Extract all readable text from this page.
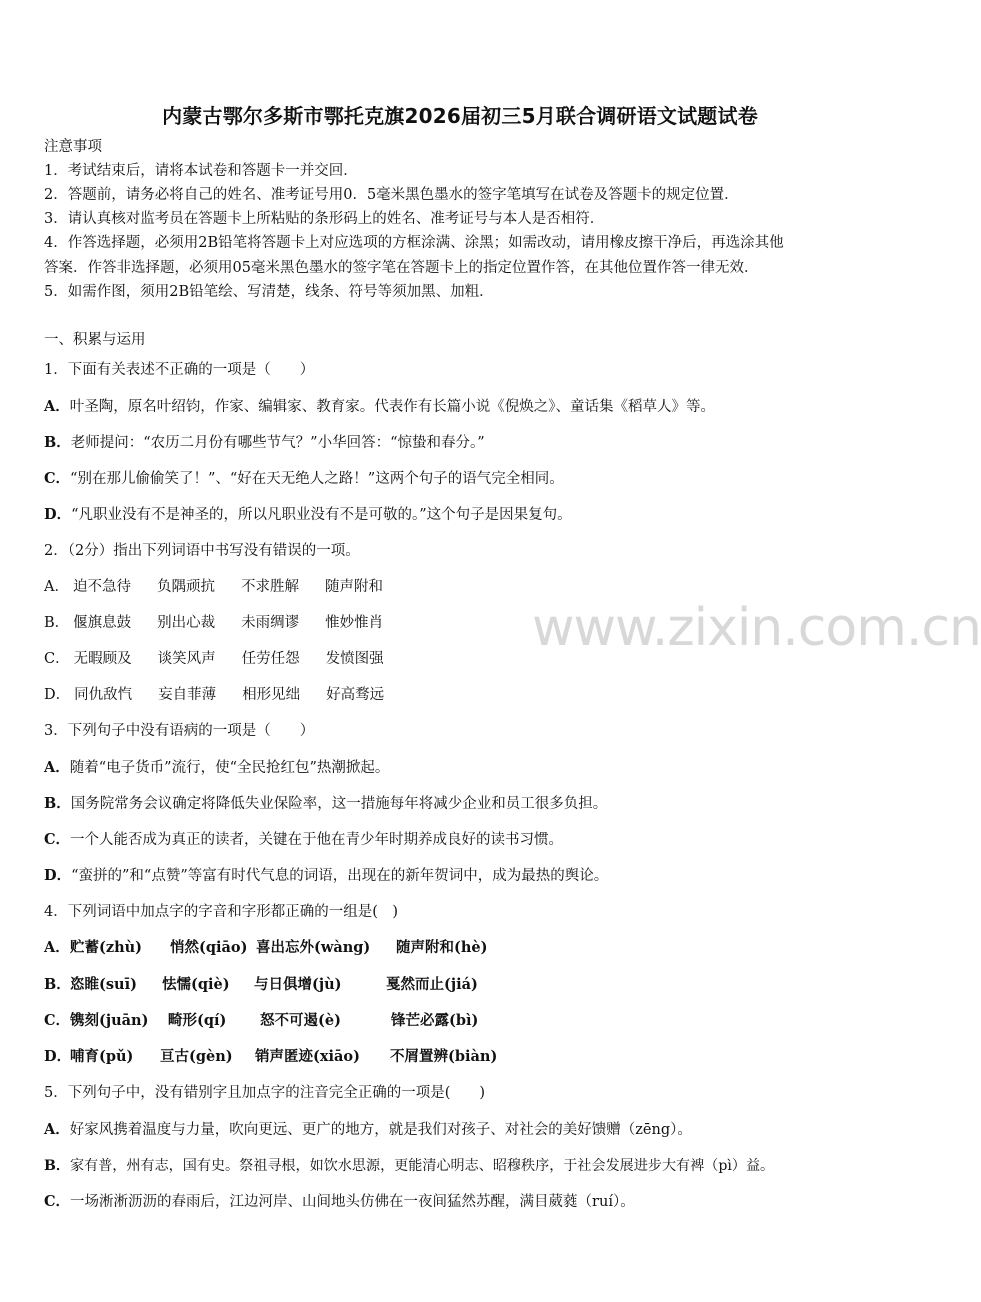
内蒙古鄂尔多斯市鄂托克旗2026届初三5月联合调研语文试题试卷
注意事项
1．考试结束后，请将本试卷和答题卡一并交回．
2．答题前，请务必将自己的姓名、准考证号用0．5毫米黑色墨水的签字笔填写在试卷及答题卡的规定位置．
3．请认真核对监考员在答题卡上所粘贴的条形码上的姓名、准考证号与本人是否相符．
4．作答选择题，必须用2B铅笔将答题卡上对应选项的方框涂满、涂黑；如需改动，请用橡皮擦干净后，再选涂其他
答案．作答非选择题，必须用05毫米黑色墨水的签字笔在答题卡上的指定位置作答，在其他位置作答一律无效．
5．如需作图，须用2B铅笔绘、写清楚，线条、符号等须加黑、加粗．
一、积累与运用
1．下面有关表述不正确的一项是（　　）
A．叶圣陶，原名叶绍钧，作家、编辑家、教育家。代表作有长篇小说《倪焕之》、童话集《稻草人》等。
B．老师提问：“农历二月份有哪些节气？”小华回答：“惊蛰和春分。”
C．“别在那儿偷偷笑了！”、“好在天无绝人之路！”这两个句子的语气完全相同。
D．“凡职业没有不是神圣的，所以凡职业没有不是可敬的。”这个句子是因果复句。
2．（2分）指出下列词语中书写没有错误的一项。
A． 迫不急待 负隅顽抗 不求胜解 随声附和
B． 偃旗息鼓 别出心裁 未雨绸谬 惟妙惟肖
C． 无暇顾及 谈笑风声 任劳任怨 发愤图强
D． 同仇敌忾 妄自菲薄 相形见绌 好高骛远
3．下列句子中没有语病的一项是（　　）
A．随着“电子货币”流行，使“全民抢红包”热潮掀起。
B．国务院常务会议确定将降低失业保险率，这一措施每年将减少企业和员工很多负担。
C．一个人能否成为真正的读者，关键在于他在青少年时期养成良好的读书习惯。
D．“蛮拼的”和“点赞”等富有时代气息的词语，出现在的新年贺词中，成为最热的舆论。
4．下列词语中加点字的字音和字形都正确的一组是(　)
A．贮蓄(zhù) 悄然(qiāo) 喜出忘外(wàng) 随声附和(hè)
B．恣睢(suī) 怯懦(qiè) 与日俱增(jù)	戛然而止(jiá)
C．镌刻(juān) 畸形(qí) 怒不可遏(è)	锋芒必露(bì)
D．哺育(pǔ) 亘古(gèn) 销声匿迹(xiāo) 不屑置辨(biàn)
5．下列句子中，没有错别字且加点字的注音完全正确的一项是(　　)
A．好家风携着温度与力量，吹向更远、更广的地方，就是我们对孩子、对社会的美好馈赠（zēng）。
B．家有普，州有志，国有史。祭祖寻根，如饮水思源，更能清心明志、昭穆秩序，于社会发展进步大有裨（pì）益。
C．一场淅淅沥沥的春雨后，江边河岸、山间地头仿佛在一夜间猛然苏醒，满目葳蕤（ruí）。
www.zixin.com.cn
